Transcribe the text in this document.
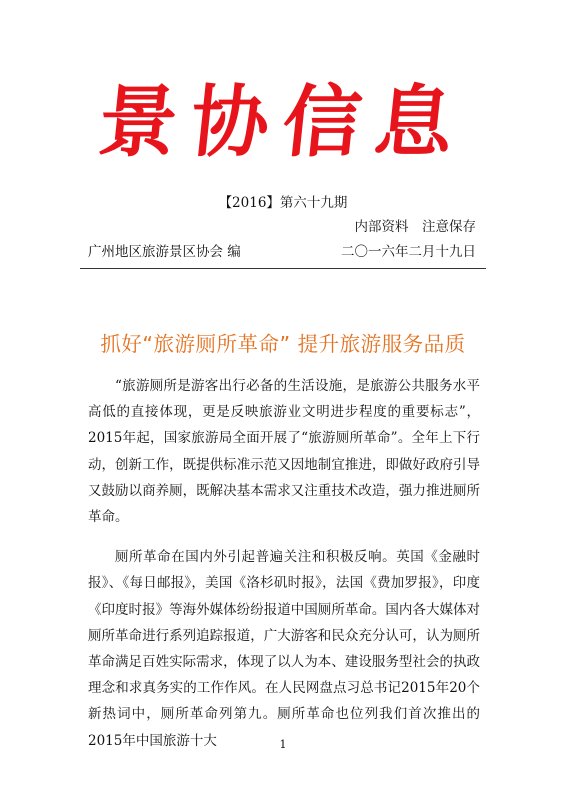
景协信息
【2016】第六十九期
内部资料　注意保存
广州地区旅游景区协会 编	二〇一六年二月十九日
抓好“旅游厕所革命” 提升旅游服务品质

“旅游厕所是游客出行必备的生活设施，是旅游公共服务水平高低的直接体现，更是反映旅游业文明进步程度的重要标志”，2015年起，国家旅游局全面开展了“旅游厕所革命”。全年上下行动，创新工作，既提供标准示范又因地制宜推进，即做好政府引导又鼓励以商养厕，既解决基本需求又注重技术改造，强力推进厕所革命。

厕所革命在国内外引起普遍关注和积极反响。英国《金融时报》、《每日邮报》，美国《洛杉矶时报》，法国《费加罗报》，印度《印度时报》等海外媒体纷纷报道中国厕所革命。国内各大媒体对厕所革命进行系列追踪报道，广大游客和民众充分认可，认为厕所革命满足百姓实际需求，体现了以人为本、建设服务型社会的执政理念和求真务实的工作作风。在人民网盘点习总书记2015年20个新热词中，厕所革命列第九。厕所革命也位列我们首次推出的2015年中国旅游十大	1
